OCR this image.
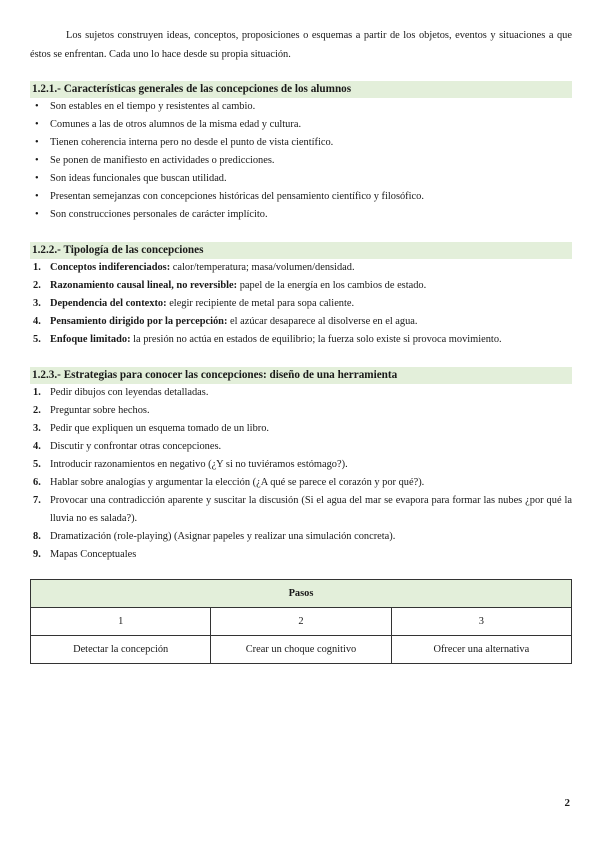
Los sujetos construyen ideas, conceptos, proposiciones o esquemas a partir de los objetos, eventos y situaciones a que éstos se enfrentan. Cada uno lo hace desde su propia situación.

1.2.1.- Características generales de las concepciones de los alumnos
• Son estables en el tiempo y resistentes al cambio.
• Comunes a las de otros alumnos de la misma edad y cultura.
• Tienen coherencia interna pero no desde el punto de vista científico.
• Se ponen de manifiesto en actividades o predicciones.
• Son ideas funcionales que buscan utilidad.
• Presentan semejanzas con concepciones históricas del pensamiento científico y filosófico.
• Son construcciones personales de carácter implícito.
1.2.2.- Tipología de las concepciones
1. Conceptos indiferenciados: calor/temperatura; masa/volumen/densidad.
2. Razonamiento causal lineal, no reversible: papel de la energía en los cambios de estado.
3. Dependencia del contexto: elegir recipiente de metal para sopa caliente.
4. Pensamiento dirigido por la percepción: el azúcar desaparece al disolverse en el agua.
5. Enfoque limitado: la presión no actúa en estados de equilibrio; la fuerza solo existe si provoca movimiento.
1.2.3.- Estrategias para conocer las concepciones: diseño de una herramienta
1. Pedir dibujos con leyendas detalladas.
2. Preguntar sobre hechos.
3. Pedir que expliquen un esquema tomado de un libro.
4. Discutir y confrontar otras concepciones.
5. Introducir razonamientos en negativo (¿Y si no tuviéramos estómago?).
6. Hablar sobre analogías y argumentar la elección (¿A qué se parece el corazón y por qué?).
7. Provocar una contradicción aparente y suscitar la discusión (Si el agua del mar se evapora para formar las nubes ¿por qué la lluvia no es salada?).
8. Dramatización (role-playing) (Asignar papeles y realizar una simulación concreta).
9. Mapas Conceptuales
Pasos		
1	2	3
Detectar la concepción	Crear un choque cognitivo	Ofrecer una alternativa
2
